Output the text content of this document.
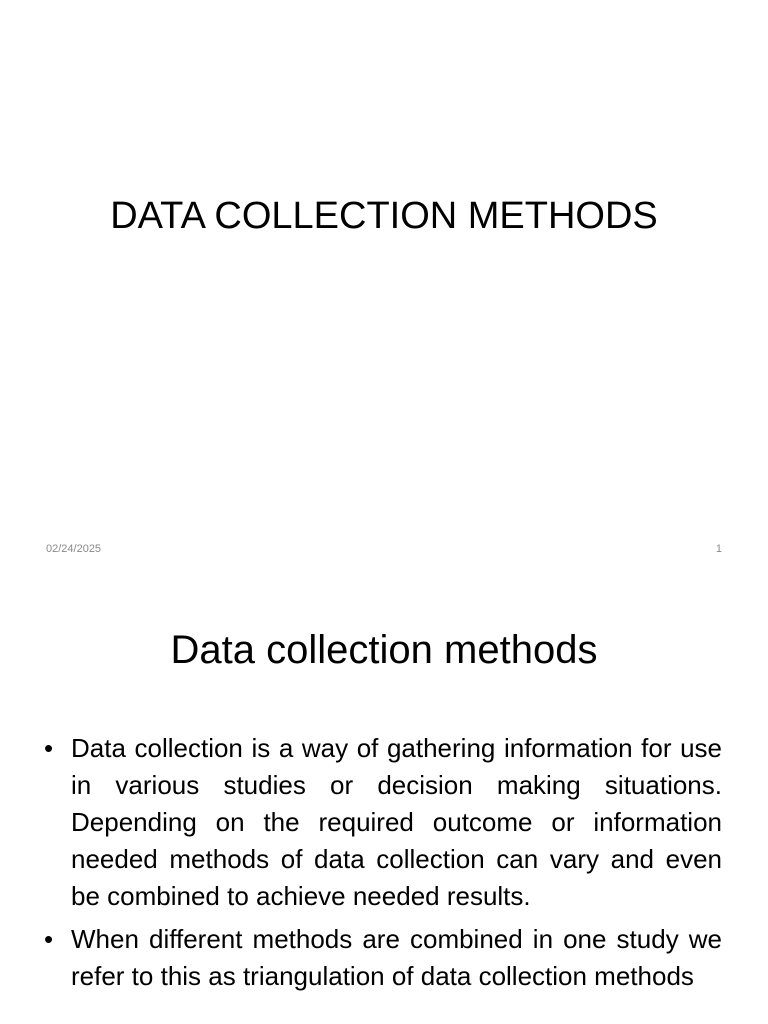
DATA COLLECTION METHODS
02/24/2025	1
Data collection methods
• Data collection is a way of gathering information for use in various studies or decision making situations. Depending on the required outcome or information needed methods of data collection can vary and even be combined to achieve needed results.
• When different methods are combined in one study we refer to this as triangulation of data collection methods
